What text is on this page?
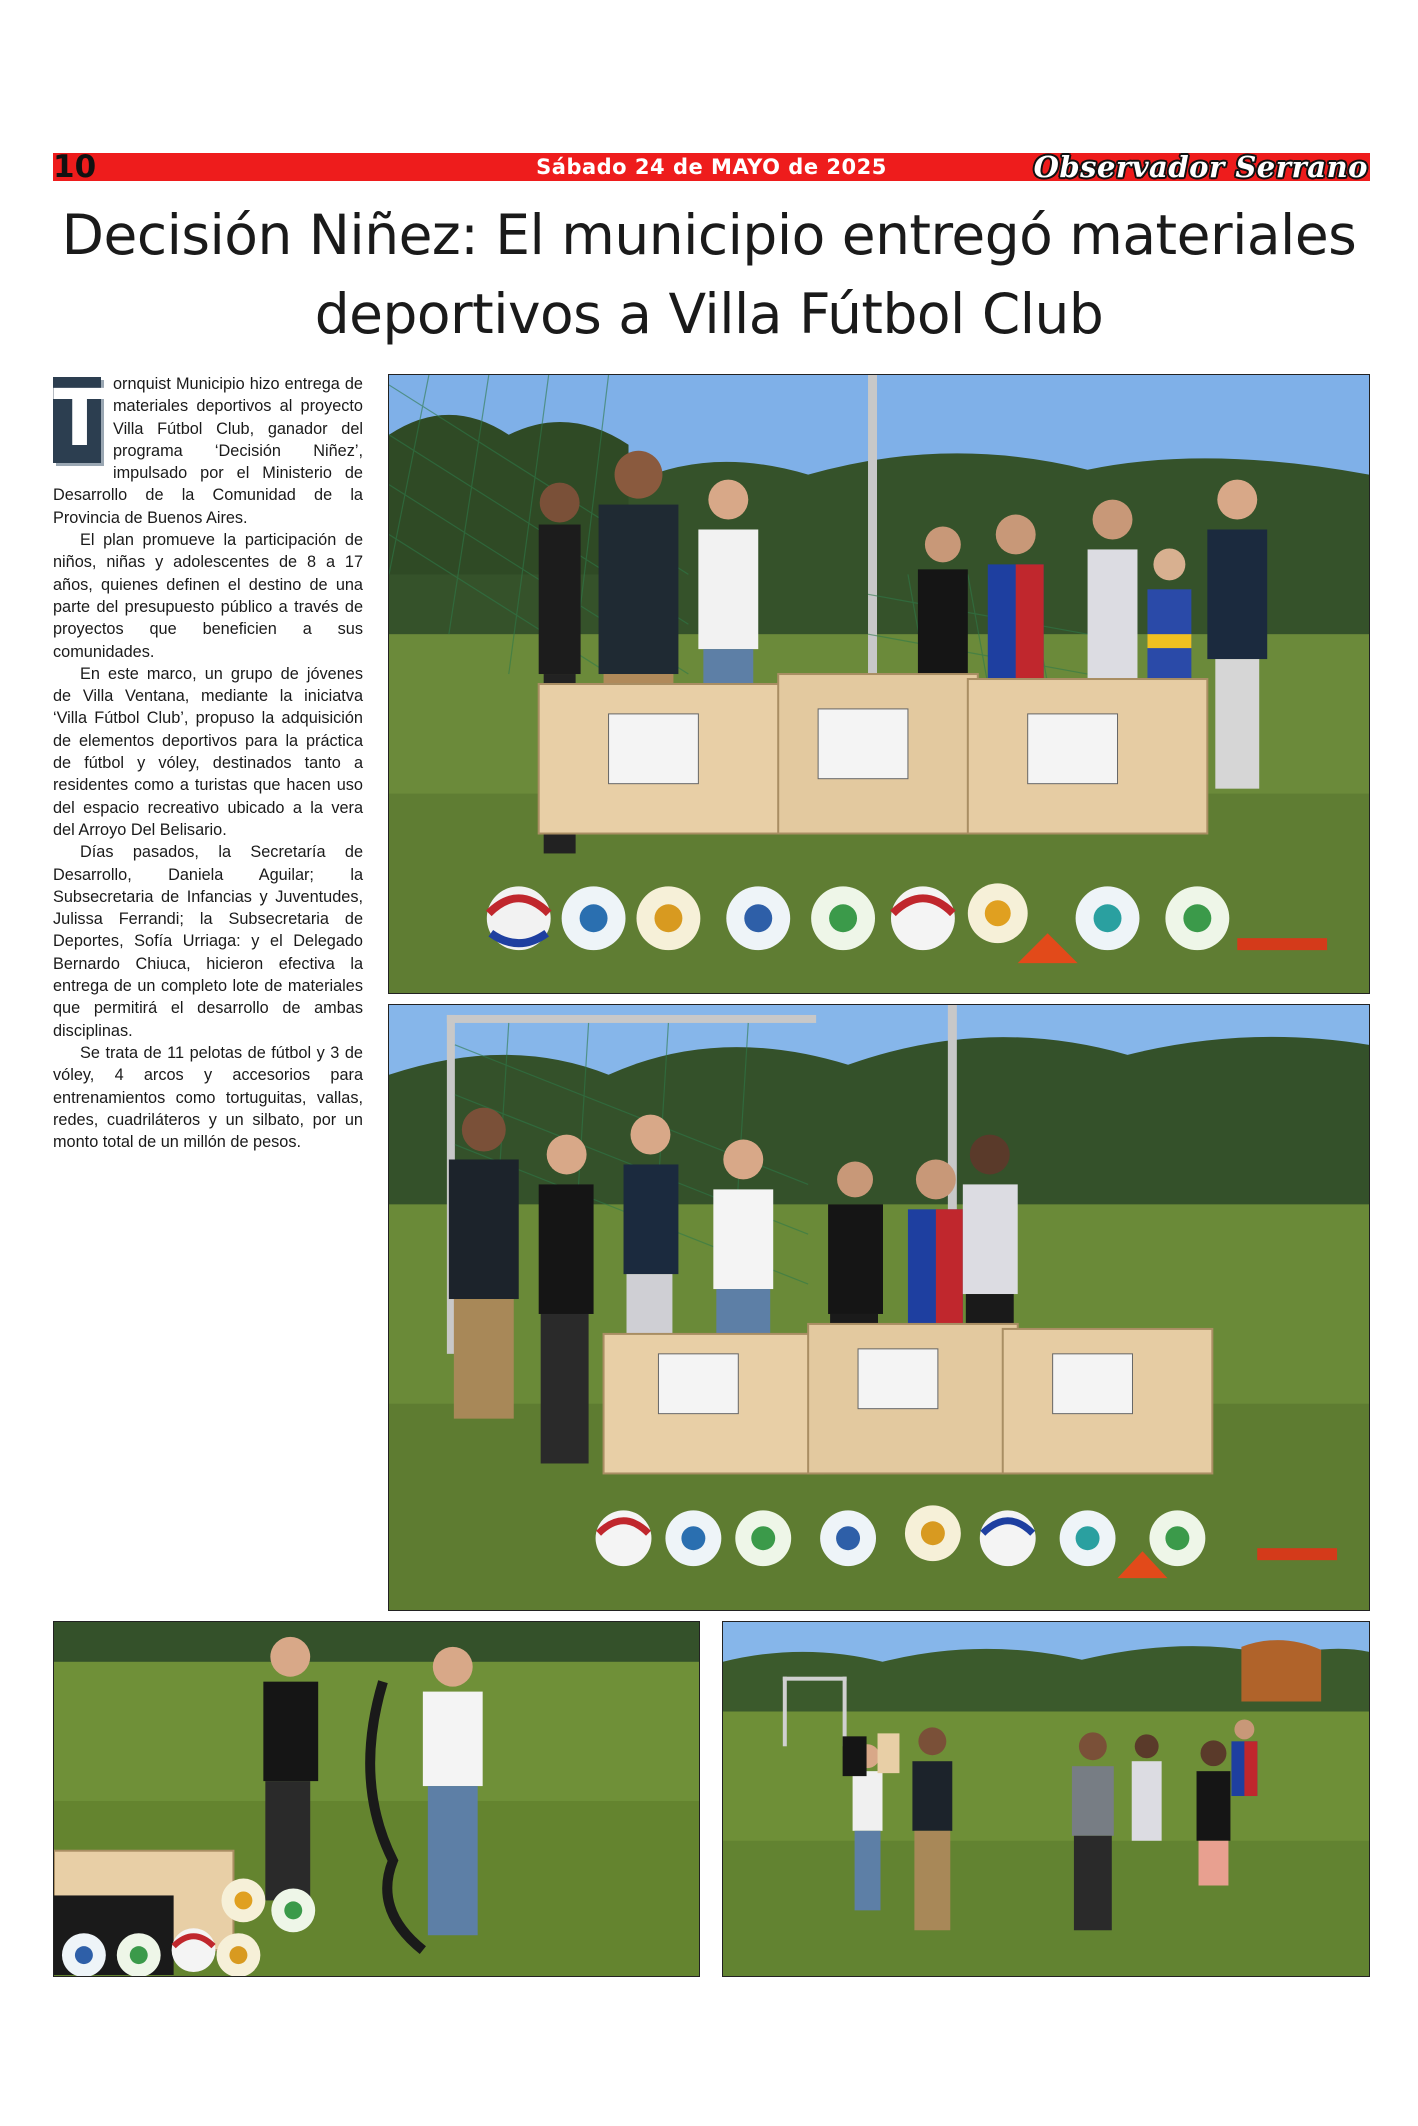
10	Sábado 24 de MAYO de 2025	Observador Serrano
Decisión Niñez: El municipio entregó materiales
deportivos a Villa Fútbol Club

T ornquist Municipio hizo entrega de materiales deportivos al proyecto Villa Fútbol Club, ganador del programa ‘Decisión Niñez’, impulsado por el Ministerio de Desarrollo de la Comunidad de la Provincia de Buenos Aires.

El plan promueve la participación de niños, niñas y adolescentes de 8 a 17 años, quienes definen el destino de una parte del presupuesto público a través de proyectos que beneficien a sus comunidades.

En este marco, un grupo de jóvenes de Villa Ventana, mediante la iniciatva ‘Villa Fútbol Club’, propuso la adquisición de elementos deportivos para la práctica de fútbol y vóley, destinados tanto a residentes como a turistas que hacen uso del espacio recreativo ubicado a la vera del Arroyo Del Belisario.

Días pasados, la Secretaría de Desarrollo, Daniela Aguilar; la Subsecretaria de Infancias y Juventudes, Julissa Ferrandi; la Subsecretaria de Deportes, Sofía Urriaga: y el Delegado Bernardo Chiuca, hicieron efectiva la entrega de un completo lote de materiales que permitirá el desarrollo de ambas disciplinas.

Se trata de 11 pelotas de fútbol y 3 de vóley, 4 arcos y accesorios para entrenamientos como tortuguitas, vallas, redes, cuadriláteros y un silbato, por un monto total de un millón de pesos.
